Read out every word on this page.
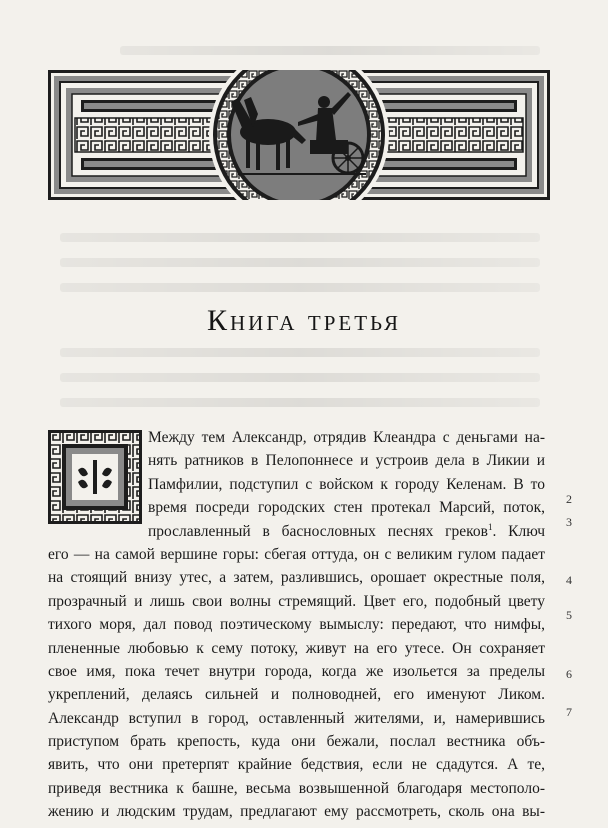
Книга третья
Между тем Александр, отрядив Клеандра с деньгами на-
нять ратников в Пелопоннесе и устроив дела в Ликии и
Памфилии, подступил с войском к городу Келенам. В то
время посреди городских стен протекал Марсий, поток,
прославленный в баснословных песнях греков$^1$. Ключ
его — на самой вершине горы: сбегая оттуда, он с великим гулом падает
на стоящий внизу утес, а затем, разлившись, орошает окрестные поля,
прозрачный и лишь свои волны стремящий. Цвет его, подобный цвету
тихого моря, дал повод поэтическому вымыслу: передают, что нимфы,
плененные любовью к сему потоку, живут на его утесе. Он сохраняет
свое имя, пока течет внутри города, когда же изольется за пределы
укреплений, делаясь сильней и полноводней, его именуют Ликом.
Александр вступил в город, оставленный жителями, и, намерившись
приступом брать крепость, куда они бежали, послал вестника объ-
явить, что они претерпят крайние бедствия, если не сдадутся. А те,
приведя вестника к башне, весьма возвышенной благодаря местополо-
жению и людским трудам, предлагают ему рассмотреть, сколь она вы-
2
3
4
5
6
7
